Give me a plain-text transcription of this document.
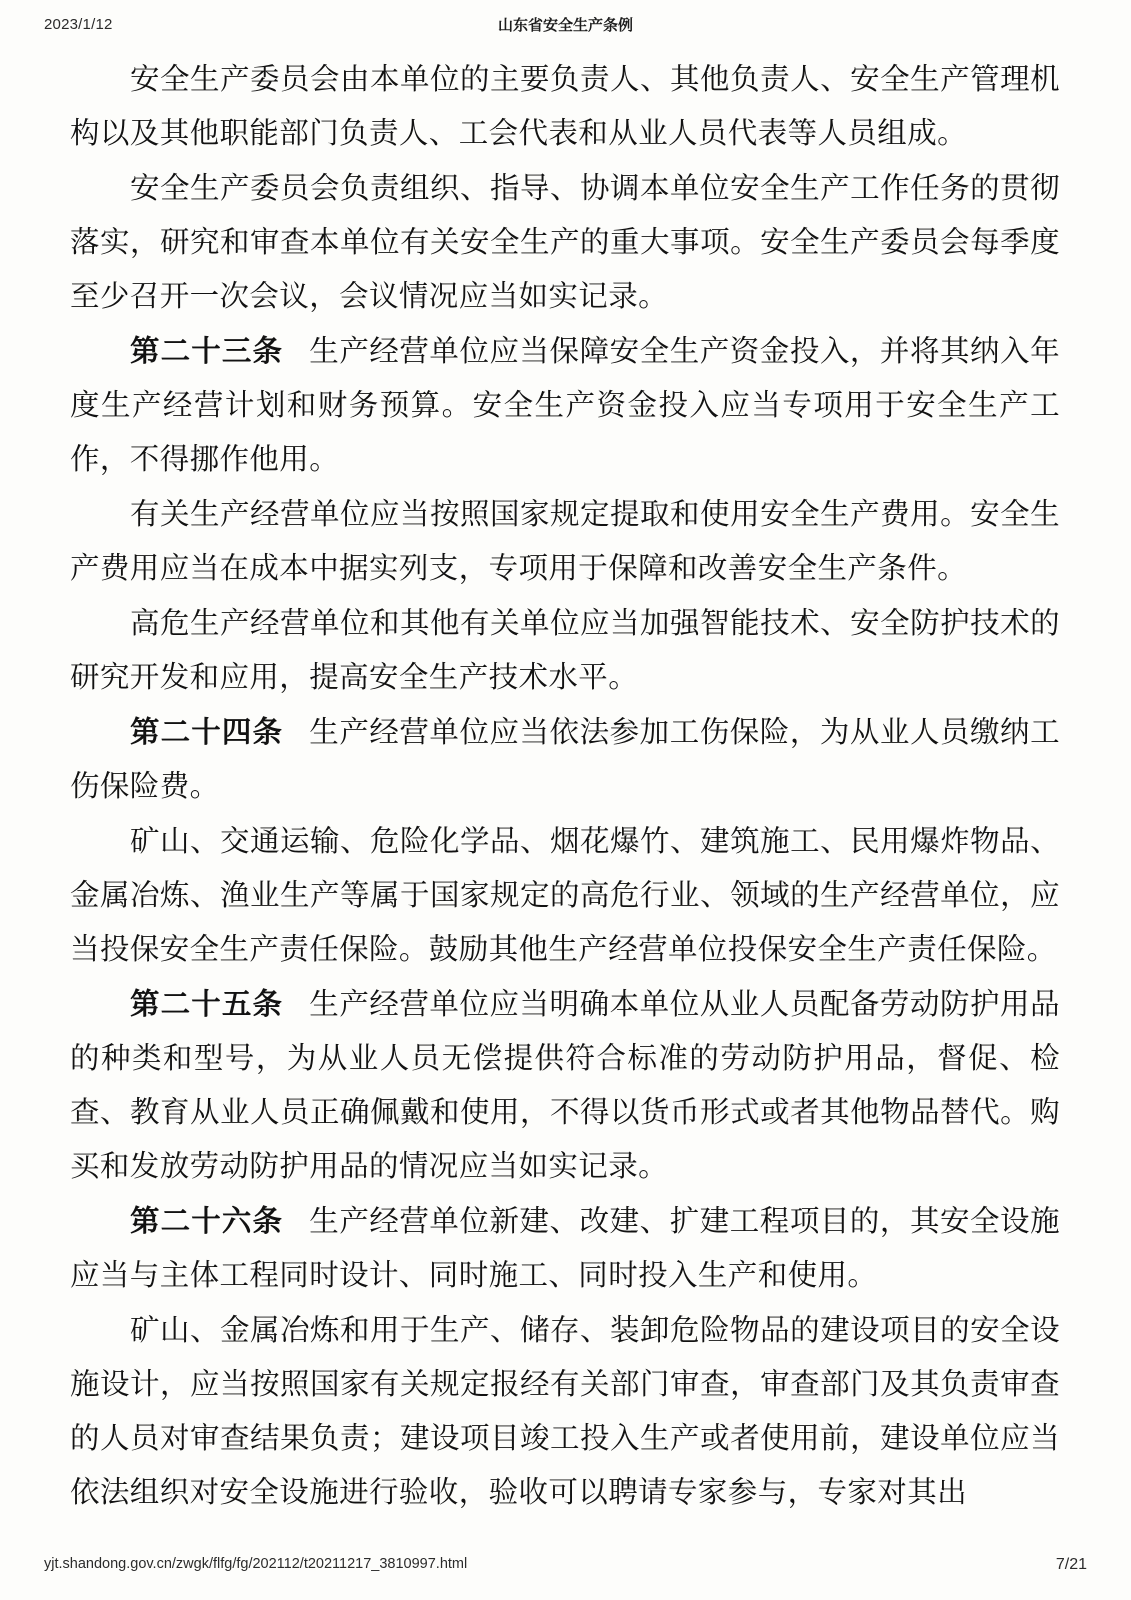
2023/1/12	山东省安全生产条例

安全生产委员会由本单位的主要负责人、其他负责人、安全生产管理机构以及其他职能部门负责人、工会代表和从业人员代表等人员组成。

安全生产委员会负责组织、指导、协调本单位安全生产工作任务的贯彻落实，研究和审查本单位有关安全生产的重大事项。安全生产委员会每季度至少召开一次会议，会议情况应当如实记录。

第二十三条 生产经营单位应当保障安全生产资金投入，并将其纳入年度生产经营计划和财务预算。安全生产资金投入应当专项用于安全生产工作，不得挪作他用。

有关生产经营单位应当按照国家规定提取和使用安全生产费用。安全生产费用应当在成本中据实列支，专项用于保障和改善安全生产条件。

高危生产经营单位和其他有关单位应当加强智能技术、安全防护技术的研究开发和应用，提高安全生产技术水平。

第二十四条 生产经营单位应当依法参加工伤保险，为从业人员缴纳工伤保险费。

矿山、交通运输、危险化学品、烟花爆竹、建筑施工、民用爆炸物品、金属冶炼、渔业生产等属于国家规定的高危行业、领域的生产经营单位，应当投保安全生产责任保险。鼓励其他生产经营单位投保安全生产责任保险。

第二十五条 生产经营单位应当明确本单位从业人员配备劳动防护用品的种类和型号，为从业人员无偿提供符合标准的劳动防护用品，督促、检查、教育从业人员正确佩戴和使用，不得以货币形式或者其他物品替代。购买和发放劳动防护用品的情况应当如实记录。

第二十六条 生产经营单位新建、改建、扩建工程项目的，其安全设施应当与主体工程同时设计、同时施工、同时投入生产和使用。

矿山、金属冶炼和用于生产、储存、装卸危险物品的建设项目的安全设施设计，应当按照国家有关规定报经有关部门审查，审查部门及其负责审查的人员对审查结果负责；建设项目竣工投入生产或者使用前，建设单位应当依法组织对安全设施进行验收，验收可以聘请专家参与，专家对其出

yjt.shandong.gov.cn/zwgk/flfg/fg/202112/t20211217_3810997.html	7/21
